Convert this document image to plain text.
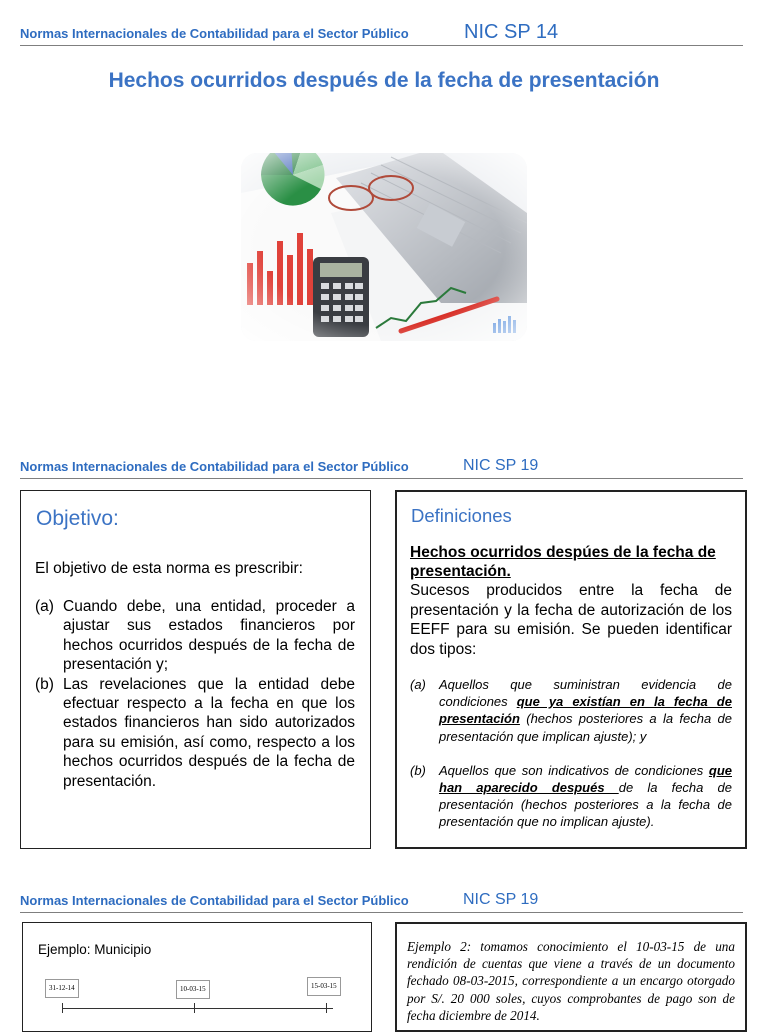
Normas Internacionales de Contabilidad para el Sector Público	NIC SP 14
Hechos ocurridos después de la fecha de presentación
Normas Internacionales de Contabilidad para el Sector Público	NIC SP 19
Objetivo:
El objetivo de esta norma es prescribir:
(a) Cuando debe, una entidad, proceder a ajustar sus estados financieros por hechos ocurridos después de la fecha de presentación y;
(b) Las revelaciones que la entidad debe efectuar respecto a la fecha en que los estados financieros han sido autorizados para su emisión, así como, respecto a los hechos ocurridos después de la fecha de presentación.
Definiciones
Hechos ocurridos despúes de la fecha de presentación.
Sucesos producidos entre la fecha de presentación y la fecha de autorización de los EEFF para su emisión. Se pueden identificar dos tipos:
(a)	Aquellos que suministran evidencia de condiciones que ya existían en la fecha de presentación (hechos posteriores a la fecha de presentación que implican ajuste); y
(b)	Aquellos que son indicativos de condiciones que han aparecido después de la fecha de presentación (hechos posteriores a la fecha de presentación que no implican ajuste).
Normas Internacionales de Contabilidad para el Sector Público	NIC SP 19
Ejemplo: Municipio
31-12-14	10-03-15	15-03-15
Ejemplo 2: tomamos conocimiento el 10-03-15 de una rendición de cuentas que viene a través de un documento fechado 08-03-2015, correspondiente a un encargo otorgado por S/. 20 000 soles, cuyos comprobantes de pago son de fecha diciembre de 2014.
